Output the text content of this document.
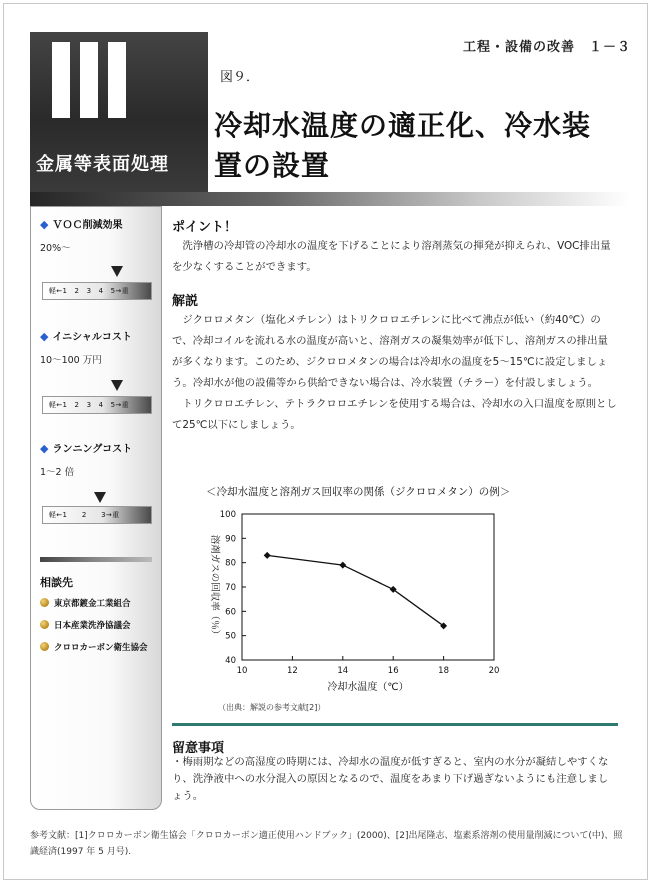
金属等表面処理
工程・設備の改善　１－３
図９．
冷却水温度の適正化、冷水装
置の設置
◆ ＶＯＣ削減効果
20%～
軽←1　2　3　4　5→重
◆ イニシャルコスト
10～100 万円
軽←1　2　3　4　5→重
◆ ランニングコスト
1～2 倍
軽←1　　2　　3→重
相談先
東京都鍍金工業組合
日本産業洗浄協議会
クロロカーボン衛生協会
ポイント！

洗浄槽の冷却管の冷却水の温度を下げることにより溶剤蒸気の揮発が抑えられ、VOC排出量を少なくすることができます。

解説

ジクロロメタン（塩化メチレン）はトリクロロエチレンに比べて沸点が低い（約40℃）ので、冷却コイルを流れる水の温度が高いと、溶剤ガスの凝集効率が低下し、溶剤ガスの排出量が多くなります。このため、ジクロロメタンの場合は冷却水の温度を5～15℃に設定しましょう。冷却水が他の設備等から供給できない場合は、冷水装置（チラー）を付設しましょう。

トリクロロエチレン、テトラクロロエチレンを使用する場合は、冷却水の入口温度を原則として25℃以下にしましょう。

＜冷却水温度と溶剤ガス回収率の関係（ジクロロメタン）の例＞
40
50
60
70
80
90
100
10	12	14	16	18	20
溶剤ガスの回収率（％）
冷却水温度（℃）
（出典：解説の参考文献[2]）
留意事項
・梅雨期などの高湿度の時期には、冷却水の温度が低すぎると、室内の水分が凝結しやすくなり、洗浄液中への水分混入の原因となるので、温度をあまり下げ過ぎないようにも注意しましょう。
参考文献：[1]クロロカーボン衛生協会「クロロカーボン適正使用ハンドブック」(2000)、[2]出尾隆志、塩素系溶剤の使用量削減について(中)、照識経済(1997 年 5 月号).
